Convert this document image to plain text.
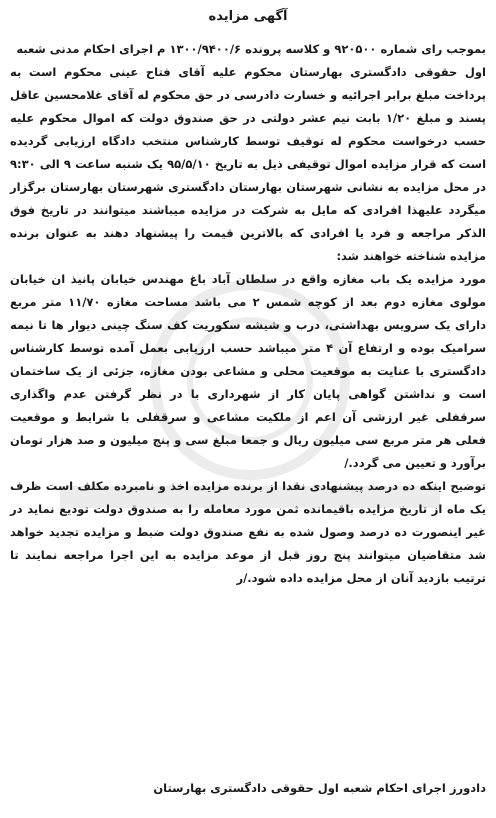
آگهی مزایده

بموجب رای شماره ۹۲۰۵۰۰ و کلاسه پرونده ۱۳۰۰/۹۴۰۰/۶ م اجرای احکام مدنی شعبه

اول حقوقی دادگستری بهارستان محکوم علیه آقای فتاح عینی محکوم است به پرداخت مبلغ برابر اجرائیه و خسارت دادرسی در حق محکوم له آقای غلامحسین عاقل پسند و مبلغ ۱/۲۰ بابت نیم عشر دولتی در حق صندوق دولت که اموال محکوم علیه حسب درخواست محکوم له توقیف توسط کارشناس منتخب دادگاه ارزیابی گردیده است که قرار مزایده اموال توقیفی ذیل به تاریخ ۹۵/۵/۱۰ یک شنبه ساعت ۹ الی ۹:۳۰ در محل مزایده به نشانی شهرستان بهارستان دادگستری شهرستان بهارستان برگزار میگردد علیهذا افرادی که مایل به شرکت در مزایده میباشند میتوانند در تاریخ فوق الذکر مراجعه و فرد یا افرادی که بالاترین قیمت را پیشنهاد دهند به عنوان برنده مزایده شناخته خواهند شد:

مورد مزایده یک باب مغازه واقع در سلطان آباد باغ مهندس خیابان پانیذ ان خیابان مولوی مغازه دوم بعد از کوچه شمس ۲ می باشد مساحت مغازه ۱۱/۷۰ متر مربع دارای یک سرویس بهداشتی، درب و شیشه سکوریت کف سنگ چینی دیوار ها تا نیمه سرامیک بوده و ارتفاع آن ۴ متر میباشد حسب ارزیابی بعمل آمده توسط کارشناس دادگستری با عنایت به موقعیت محلی و مشاعی بودن مغازه، جزئی از یک ساختمان است و نداشتن گواهی پایان کار از شهرداری با در نظر گرفتن عدم واگذاری سرقفلی غیر ارزشی آن اعم از ملکیت مشاعی و سرقفلی با شرایط و موقعیت فعلی هر متر مربع سی میلیون ریال و جمعا مبلغ سی و پنج میلیون و صد هزار تومان برآورد و تعیین می گردد./

توضیح اینکه ده درصد پیشنهادی نقدا از برنده مزایده اخذ و نامبرده مکلف است ظرف یک ماه از تاریخ مزایده باقیمانده ثمن مورد معامله را به صندوق دولت تودیع نماید در غیر اینصورت ده درصد وصول شده به نفع صندوق دولت ضبط و مزایده تجدید خواهد شد متقاضیان میتوانند پنج روز قبل از موعد مزایده به این اجرا مراجعه نمایند تا ترتیب بازدید آنان از محل مزایده داده شود./ر

دادورز اجرای احکام شعبه اول حقوقی دادگستری بهارستان
